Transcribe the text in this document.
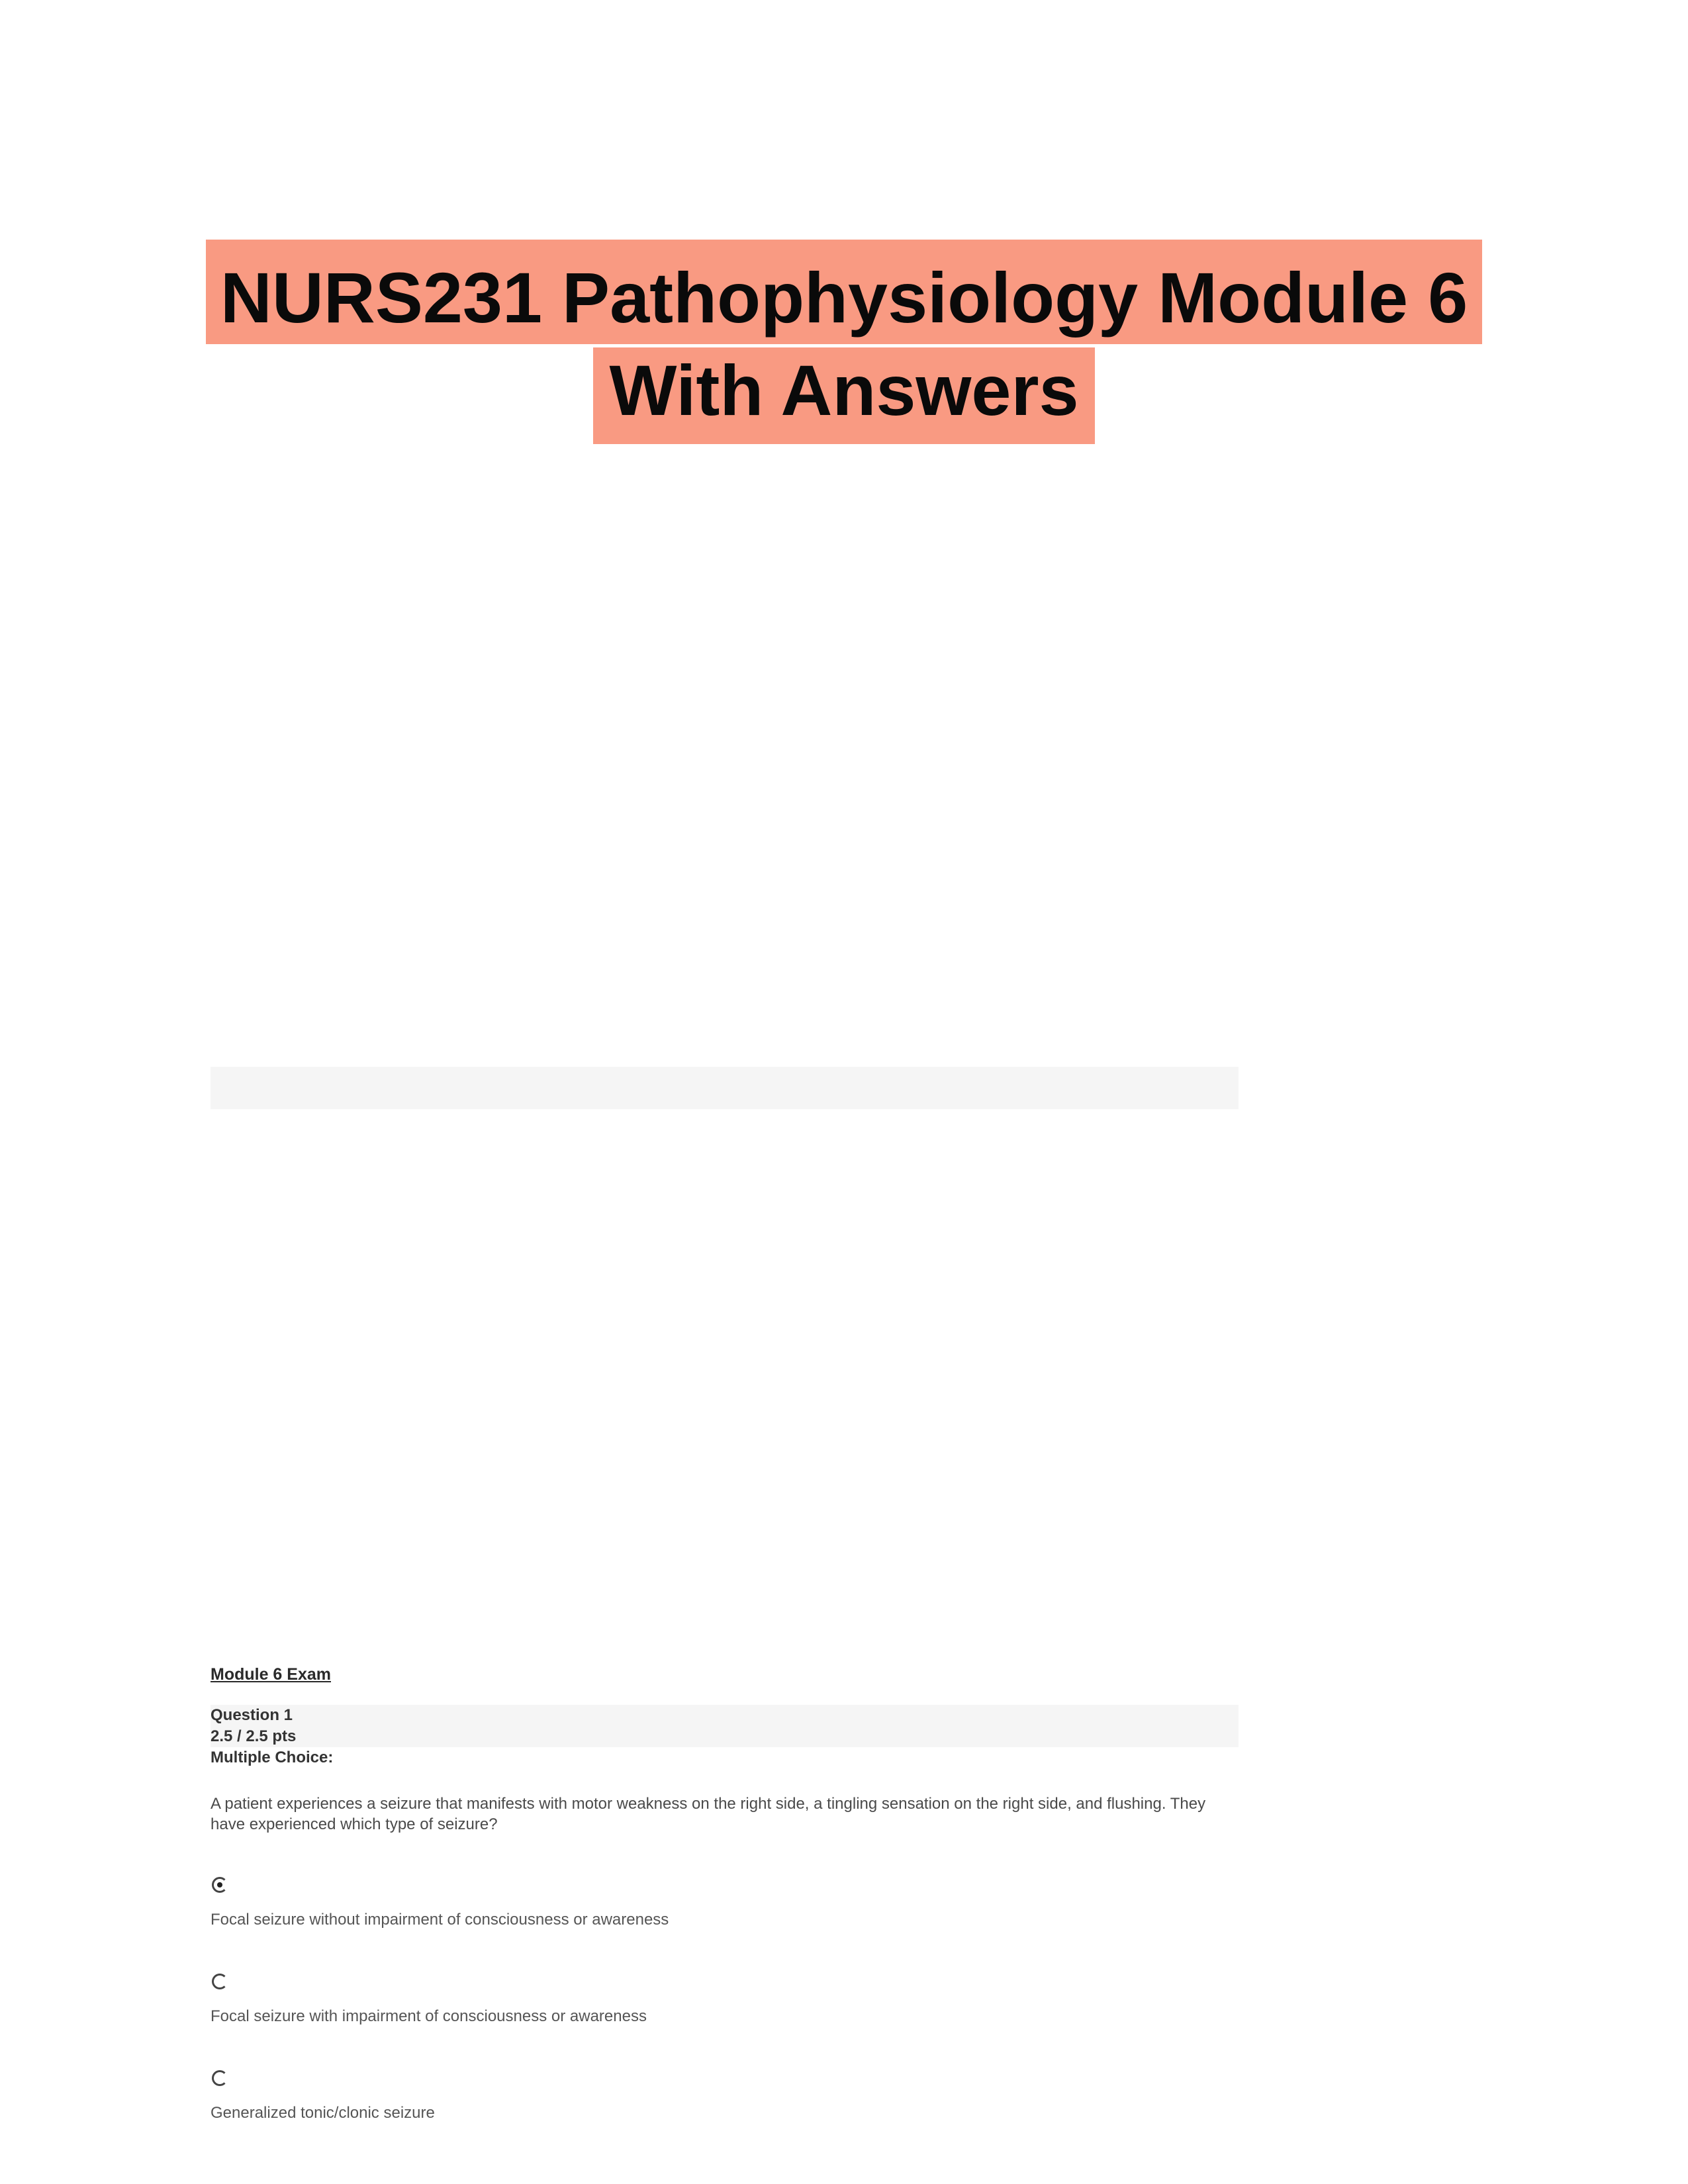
NURS231 Pathophysiology Module 6
With Answers
Module 6 Exam
Question 1
2.5 / 2.5 pts
Multiple Choice:
A patient experiences a seizure that manifests with motor weakness on the right side, a tingling sensation on the right side, and flushing. They have experienced which type of seizure?
Focal seizure without impairment of consciousness or awareness
Focal seizure with impairment of consciousness or awareness
Generalized tonic/clonic seizure
